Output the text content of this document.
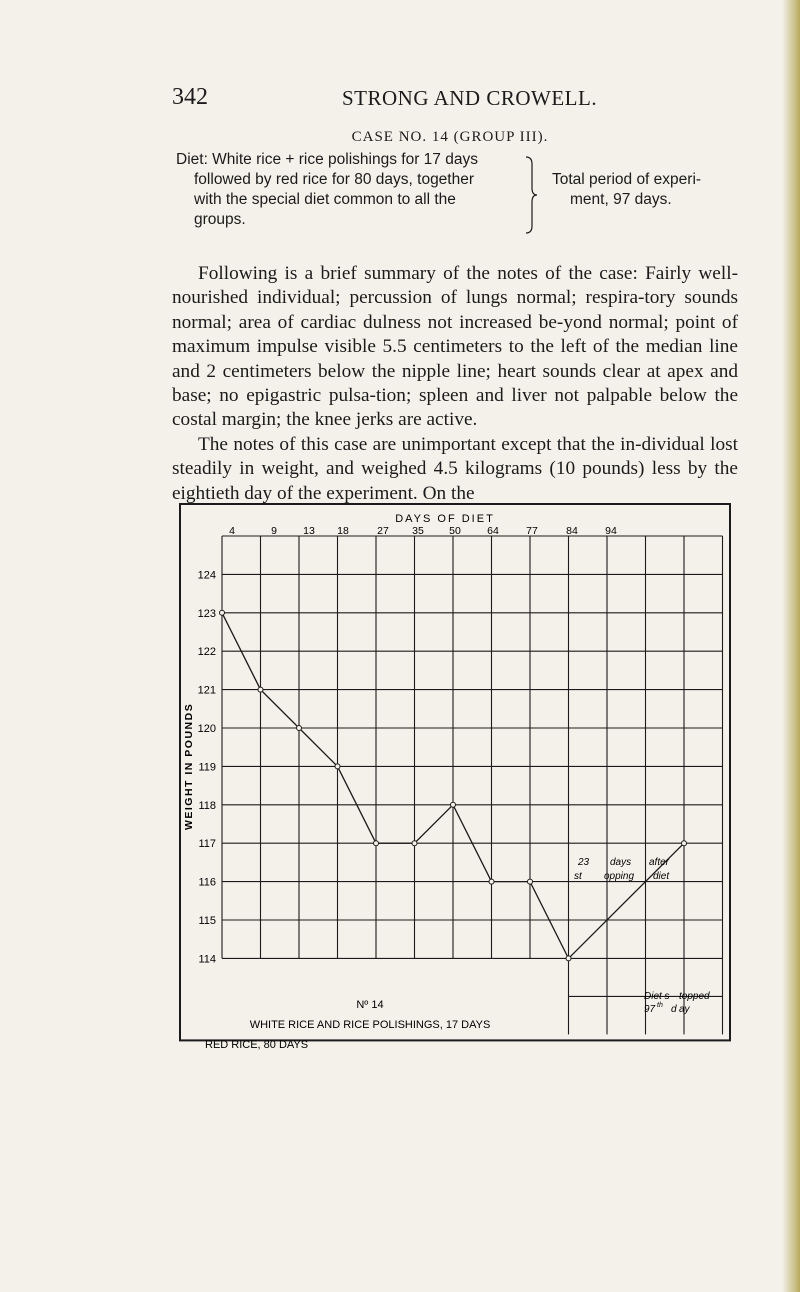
342	STRONG AND CROWELL.
CASE NO. 14 (GROUP III).
Diet: White rice + rice polishings for 17 days
followed by red rice for 80 days, together
with the special diet common to all the
groups.
Total period of experi-
ment, 97 days.

Following is a brief summary of the notes of the case: Fairly well-nourished individual; percussion of lungs normal; respira-tory sounds normal; area of cardiac dulness not increased be-yond normal; point of maximum impulse visible 5.5 centimeters to the left of the median line and 2 centimeters below the nipple line; heart sounds clear at apex and base; no epigastric pulsa-tion; spleen and liver not palpable below the costal margin; the knee jerks are active.

The notes of this case are unimportant except that the in-dividual lost steadily in weight, and weighed 4.5 kilograms (10 pounds) less by the eightieth day of the experiment. On the

DAYS OF DIET
4	9 13 18	27 35 50	64	77	84	94
124
123
122
121
120
119
118
117
116
115
114
WEIGHT IN POUNDS
Nº 14
WHITE RICE AND RICE POLISHINGS, 17 DAYS
RED RICE, 80 DAYS
23 days
st opping
after
diet
Diet s topped
97 th d ay
